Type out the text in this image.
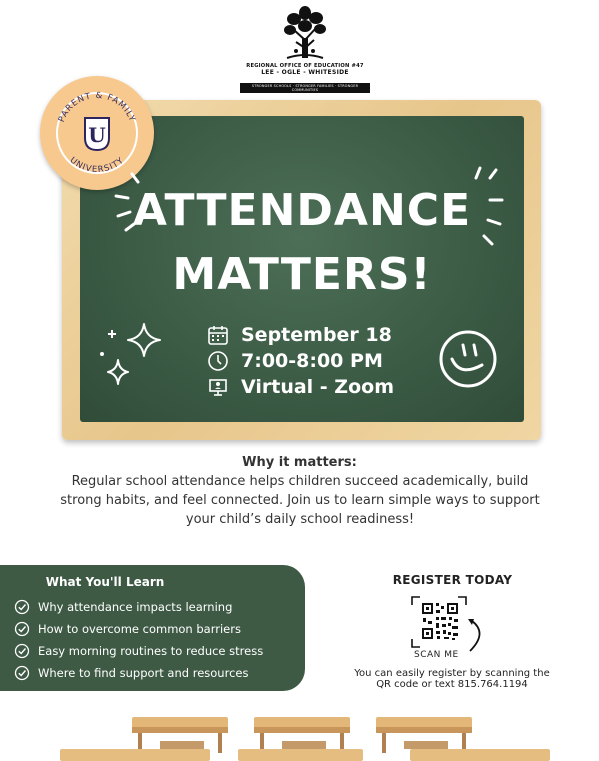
REGIONAL OFFICE OF EDUCATION #47
LEE - OGLE - WHITESIDE
STRONGER SCHOOLS · STRONGER FAMILIES · STRONGER COMMUNITIES
PARENT & FAMILY
UNIVERSITY
U
ATTENDANCE
MATTERS!
September 18
7:00-8:00 PM
Virtual - Zoom
Why it matters:
Regular school attendance helps children succeed academically, build strong habits, and feel connected. Join us to learn simple ways to support your child’s daily school readiness!
What You'll Learn
Why attendance impacts learning
How to overcome common barriers
Easy morning routines to reduce stress
Where to find support and resources
REGISTER TODAY
SCAN ME
You can easily register by scanning the QR code or text 815.764.1194
